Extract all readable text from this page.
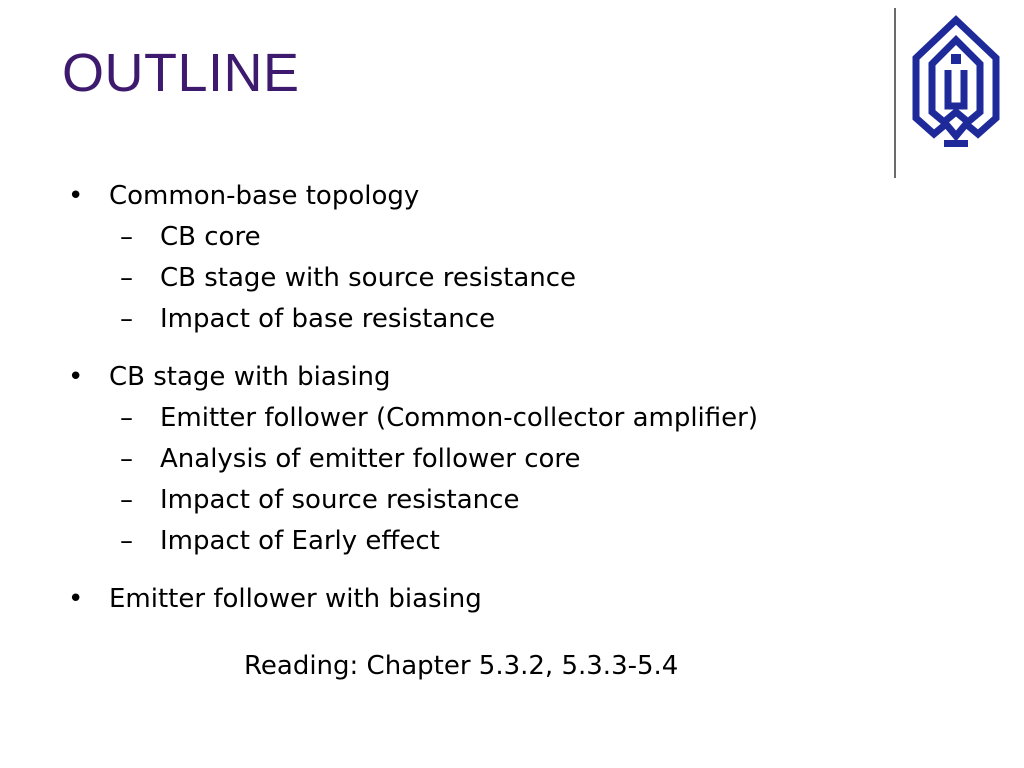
OUTLINE
• Common-base topology
– CB core
– CB stage with source resistance
– Impact of base resistance
• CB stage with biasing
– Emitter follower (Common-collector amplifier)
– Analysis of emitter follower core
– Impact of source resistance
– Impact of Early effect
• Emitter follower with biasing
Reading: Chapter 5.3.2, 5.3.3-5.4
